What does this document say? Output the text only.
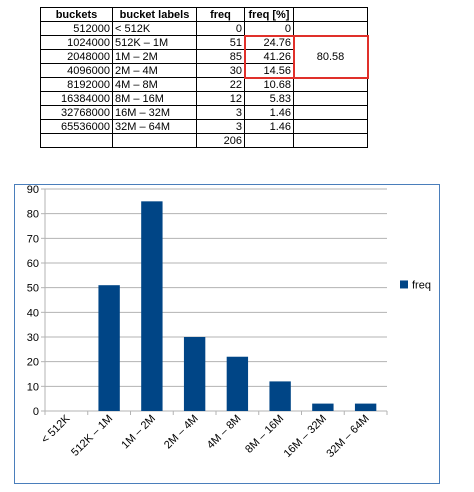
buckets	bucket labels	freq	freq [%]	
512000	< 512K	0	0	
1024000	512K – 1M	51	24.76	80.58
2048000	1M – 2M	85	41.26	
4096000	2M – 4M	30	14.56	
8192000	4M – 8M	22	10.68	
16384000	8M – 16M	12	5.83	
32768000	16M – 32M	3	1.46	
65536000	32M – 64M	3	1.46	
		206		
0
10
20
30
40
50
60
70
80
90
< 512K
512K – 1M 1M – 2M 2M – 4M 4M – 8M 8M – 16M
16M – 32M
32M – 64M
freq
